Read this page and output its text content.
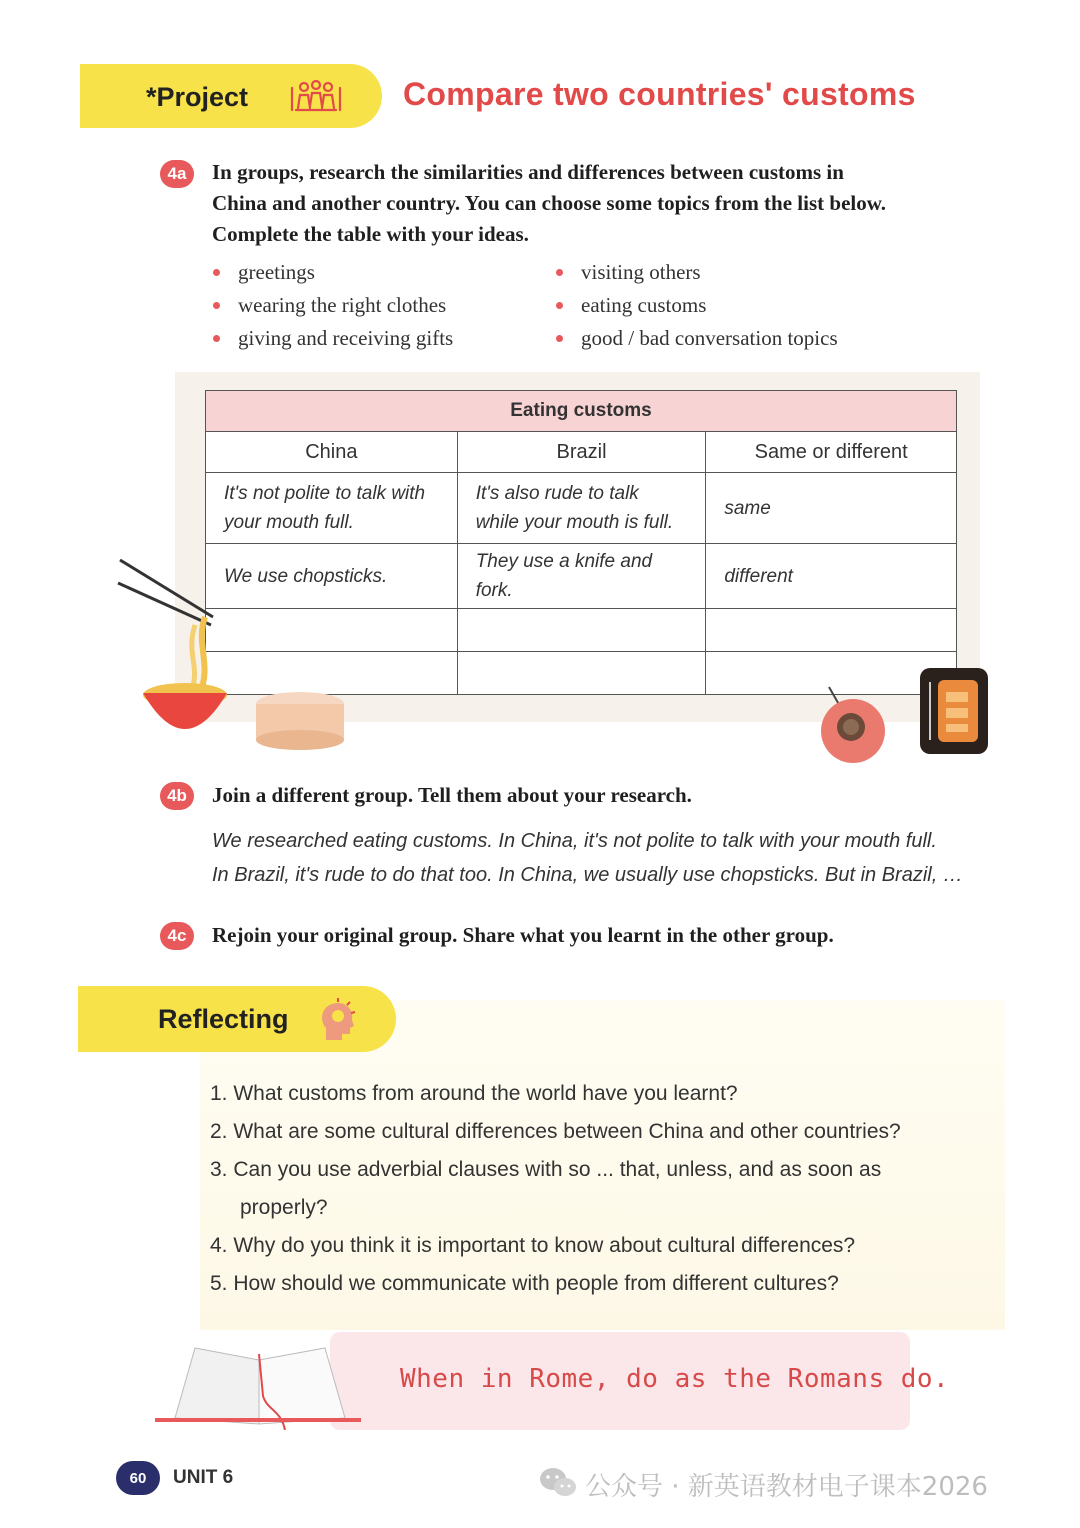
*Project	Compare two countries' customs
4a	In groups, research the similarities and differences between customs in
China and another country. You can choose some topics from the list below.
Complete the table with your ideas.
greetings
wearing the right clothes
giving and receiving gifts
visiting others
eating customs
good / bad conversation topics
Eating customs		
China	Brazil	Same or different
It's not polite to talk with your mouth full.	It's also rude to talk while your mouth is full.	same
We use chopsticks.	They use a knife and fork.	different

4b	Join a different group. Tell them about your research.
We researched eating customs. In China, it's not polite to talk with your mouth full.
In Brazil, it's rude to do that too. In China, we usually use chopsticks. But in Brazil, …
4c	Rejoin your original group. Share what you learnt in the other group.
Reflecting
1. What customs from around the world have you learnt?
2. What are some cultural differences between China and other countries?
3. Can you use adverbial clauses with so ... that, unless, and as soon as
properly?
4. Why do you think it is important to know about cultural differences?
5. How should we communicate with people from different cultures?
When in Rome, do as the Romans do.
60	UNIT 6	公众号 · 新英语教材电子课本2026
